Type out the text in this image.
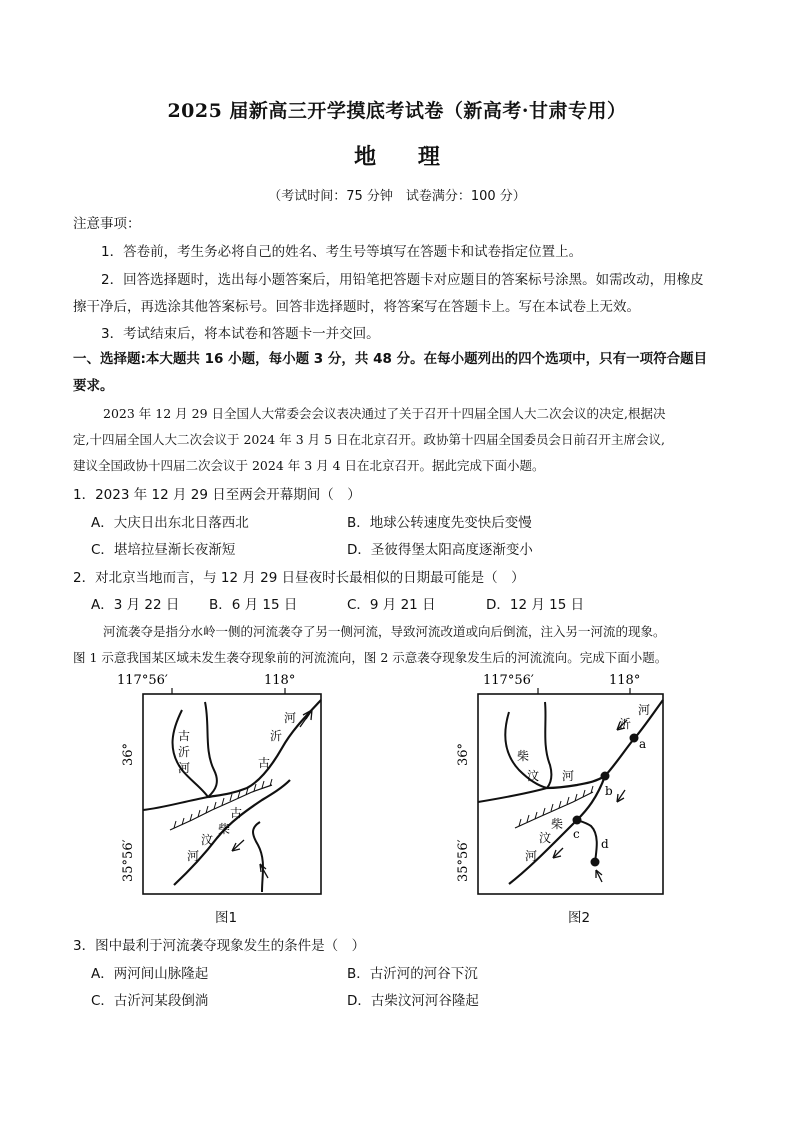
2025 届新高三开学摸底考试卷（新高考·甘肃专用）
地 理
（考试时间：75 分钟　试卷满分：100 分）
注意事项：
1．答卷前，考生务必将自己的姓名、考生号等填写在答题卡和试卷指定位置上。
2．回答选择题时，选出每小题答案后，用铅笔把答题卡对应题目的答案标号涂黑。如需改动，用橡皮
擦干净后，再选涂其他答案标号。回答非选择题时，将答案写在答题卡上。写在本试卷上无效。
3．考试结束后，将本试卷和答题卡一并交回。
一、选择题:本大题共 16 小题，每小题 3 分，共 48 分。在每小题列出的四个选项中，只有一项符合题目
要求。
2023 年 12 月 29 日全国人大常委会会议表决通过了关于召开十四届全国人大二次会议的决定,根据决
定,十四届全国人大二次会议于 2024 年 3 月 5 日在北京召开。政协第十四届全国委员会日前召开主席会议,
建议全国政协十四届二次会议于 2024 年 3 月 4 日在北京召开。据此完成下面小题。
1．2023 年 12 月 29 日至两会开幕期间（　）
A．大庆日出东北日落西北	B．地球公转速度先变快后变慢
C．堪培拉昼渐长夜渐短	D．圣彼得堡太阳高度逐渐变小
2．对北京当地而言，与 12 月 29 日昼夜时长最相似的日期最可能是（　）
A．3 月 22 日 B．6 月 15 日	C．9 月 21 日	D．12 月 15 日
河流袭夺是指分水岭一侧的河流袭夺了另一侧河流，导致河流改道或向后倒流，注入另一河流的现象。
图 1 示意我国某区域未发生袭夺现象前的河流流向，图 2 示意袭夺现象发生后的河流流向。完成下面小题。
117°56′	118°
36°
35°56′
古
沂
河
沂
河
古
古
柴
汶
河
图1
117°56′	118°
36°
35°56′
a
b
c
d
柴
汶 河
沂
河
柴
汶
河
图2
3．图中最利于河流袭夺现象发生的条件是（　）
A．两河间山脉隆起	B．古沂河的河谷下沉
C．古沂河某段倒淌	D．古柴汶河河谷隆起
